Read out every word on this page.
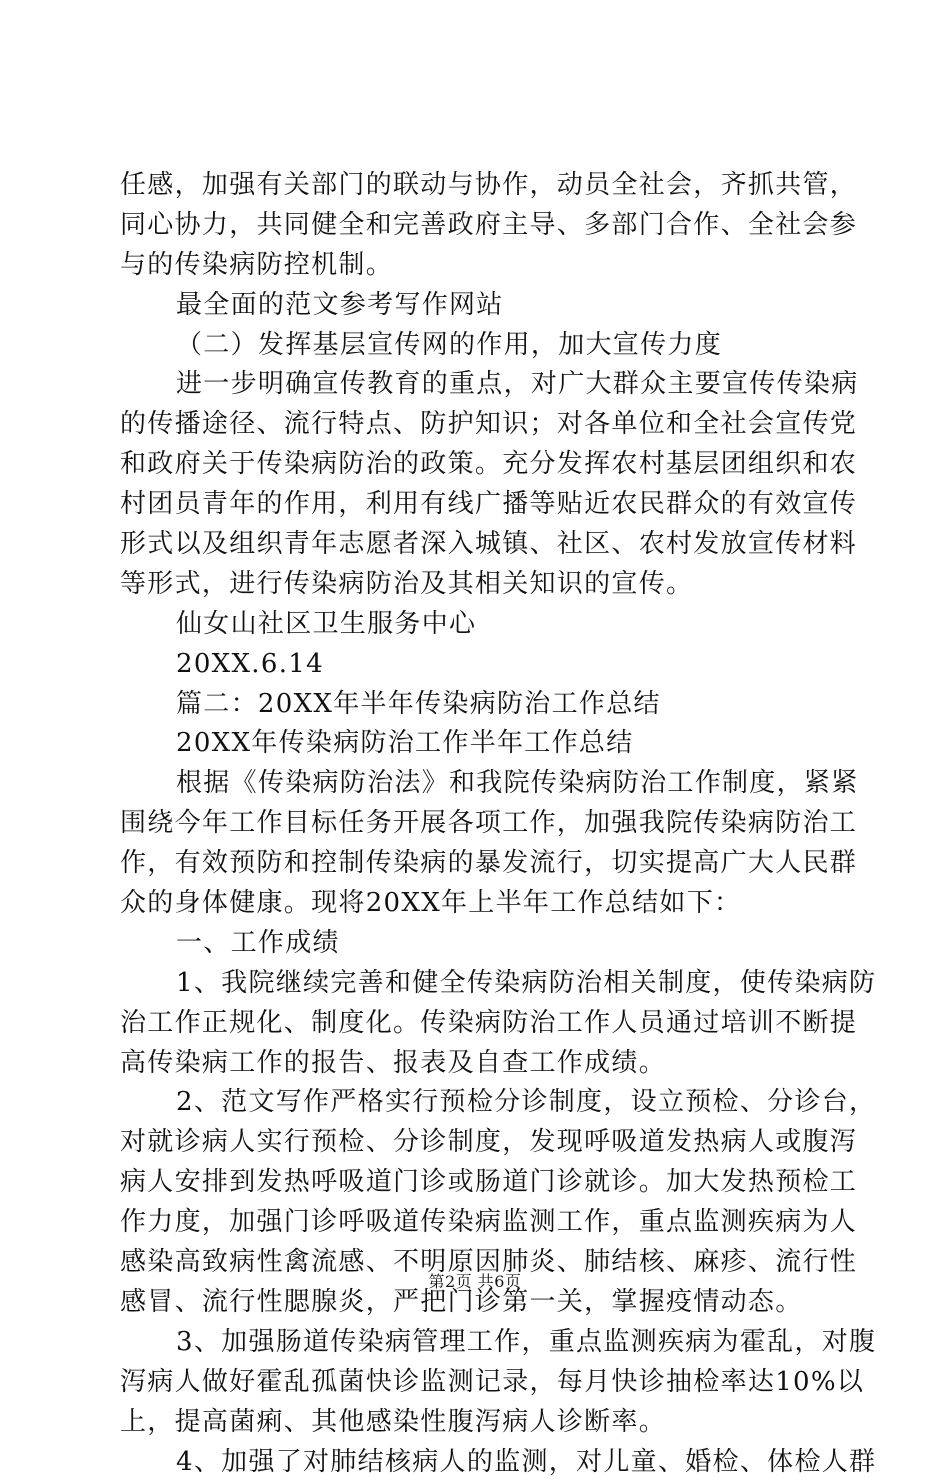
任感，加强有关部门的联动与协作，动员全社会，齐抓共管，
同心协力，共同健全和完善政府主导、多部门合作、全社会参
与的传染病防控机制。
最全面的范文参考写作网站
（二）发挥基层宣传网的作用，加大宣传力度
进一步明确宣传教育的重点，对广大群众主要宣传传染病
的传播途径、流行特点、防护知识；对各单位和全社会宣传党
和政府关于传染病防治的政策。充分发挥农村基层团组织和农
村团员青年的作用，利用有线广播等贴近农民群众的有效宣传
形式以及组织青年志愿者深入城镇、社区、农村发放宣传材料
等形式，进行传染病防治及其相关知识的宣传。
仙女山社区卫生服务中心
20XX.6.14
篇二：20XX年半年传染病防治工作总结
20XX年传染病防治工作半年工作总结
根据《传染病防治法》和我院传染病防治工作制度，紧紧
围绕今年工作目标任务开展各项工作，加强我院传染病防治工
作，有效预防和控制传染病的暴发流行，切实提高广大人民群
众的身体健康。现将20XX年上半年工作总结如下：
一、工作成绩
1、我院继续完善和健全传染病防治相关制度，使传染病防
治工作正规化、制度化。传染病防治工作人员通过培训不断提
高传染病工作的报告、报表及自查工作成绩。
2、范文写作严格实行预检分诊制度，设立预检、分诊台，
对就诊病人实行预检、分诊制度，发现呼吸道发热病人或腹泻
病人安排到发热呼吸道门诊或肠道门诊就诊。加大发热预检工
作力度，加强门诊呼吸道传染病监测工作，重点监测疾病为人
感染高致病性禽流感、不明原因肺炎、肺结核、麻疹、流行性
感冒、流行性腮腺炎，严把门诊第一关，掌握疫情动态。
3、加强肠道传染病管理工作，重点监测疾病为霍乱，对腹
泻病人做好霍乱孤菌快诊监测记录，每月快诊抽检率达10%以
上，提高菌痢、其他感染性腹泻病人诊断率。
4、加强了对肺结核病人的监测，对儿童、婚检、体检人群
第2页 共6页
